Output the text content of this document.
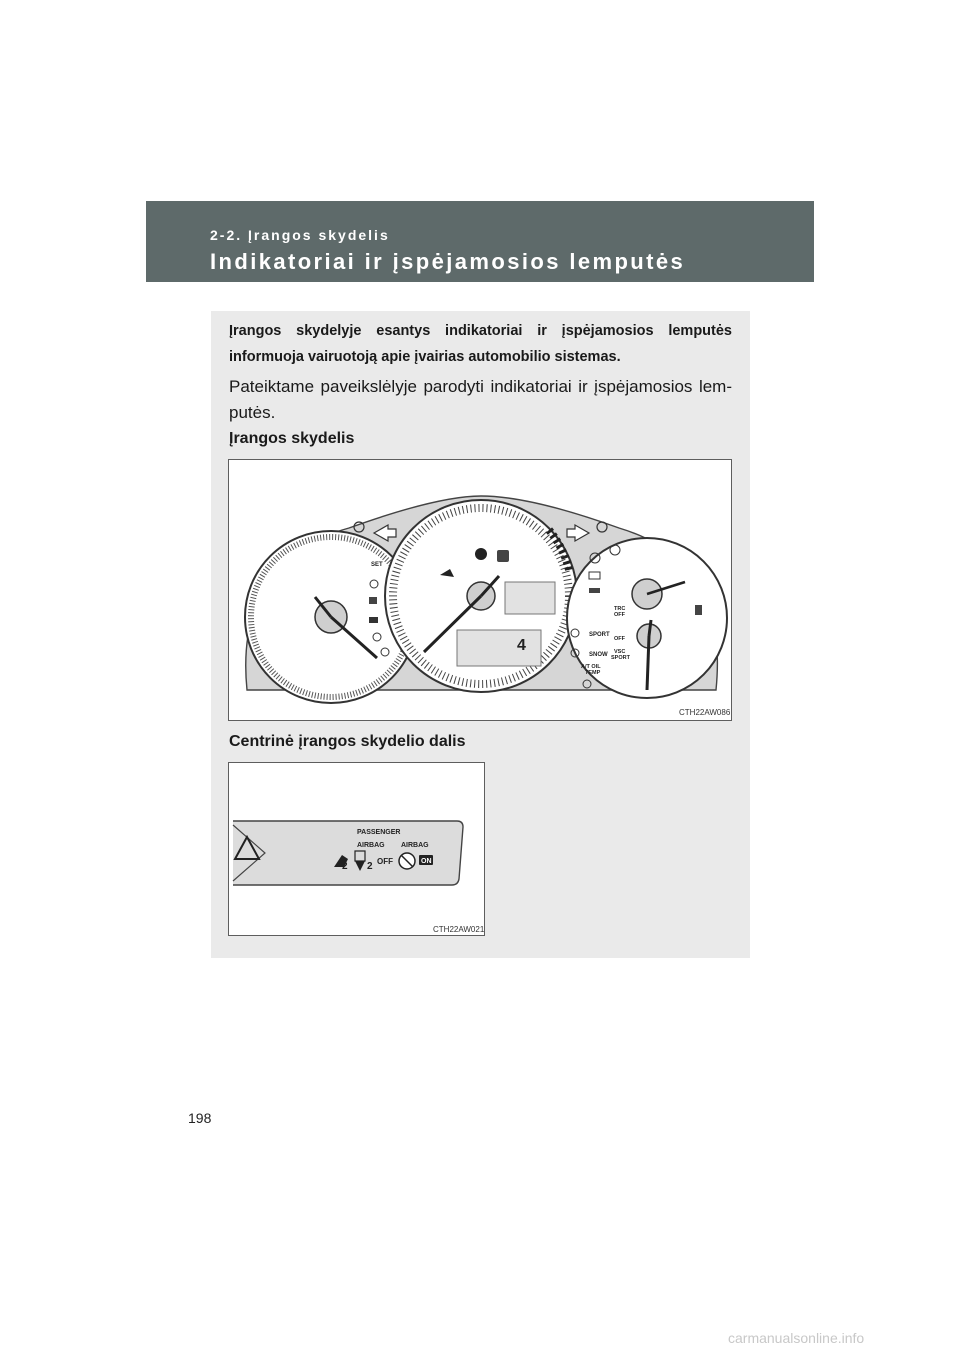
2-2. Įrangos skydelis
Indikatoriai ir įspėjamosios lemputės
Įrangos skydelyje esantys indikatoriai ir įspėjamosios lemputės informuoja vairuotoją apie įvairias automobilio sistemas.
Pateiktame paveikslėlyje parodyti indikatoriai ir įspėjamosios lem-putės.
Įrangos skydelis
4
SET
SPORT
SNOW
TRC
OFF
OFF
VSC
SPORT
A/T OIL
TEMP
CTH22AW086
Centrinė įrangos skydelio dalis
PASSENGER
AIRBAG AIRBAG
2 2 OFF	ON
CTH22AW021
198
carmanualsonline.info
